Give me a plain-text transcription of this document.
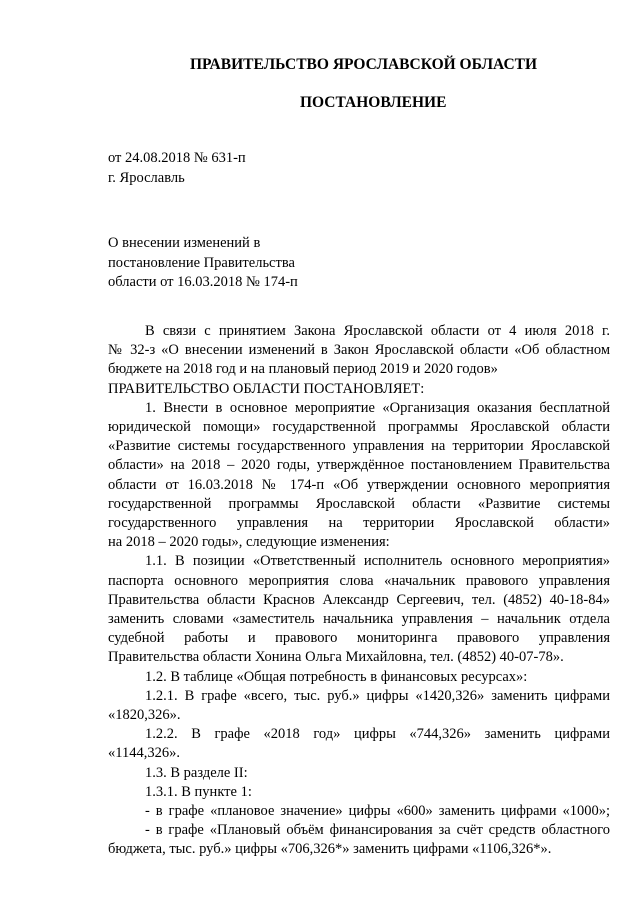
ПРАВИТЕЛЬСТВО ЯРОСЛАВСКОЙ ОБЛАСТИ
ПОСТАНОВЛЕНИЕ
от 24.08.2018 № 631-п
г. Ярославль
О внесении изменений в
постановление Правительства
области от 16.03.2018 № 174-п

В связи с принятием Закона Ярославской области от 4 июля 2018 г.

№ 32-з «О внесении изменений в Закон Ярославской области «Об областном

бюджете на 2018 год и на плановый период 2019 и 2020 годов»

ПРАВИТЕЛЬСТВО ОБЛАСТИ ПОСТАНОВЛЯЕТ:

1. Внести в основное мероприятие «Организация оказания бесплатной

юридической помощи» государственной программы Ярославской области

«Развитие системы государственного управления на территории Ярославской

области» на 2018 – 2020 годы, утверждённое постановлением Правительства

области от 16.03.2018 № 174-п «Об утверждении основного мероприятия

государственной программы Ярославской области «Развитие системы

государственного управления на территории Ярославской области»

на 2018 – 2020 годы», следующие изменения:

1.1. В позиции «Ответственный исполнитель основного мероприятия»

паспорта основного мероприятия слова «начальник правового управления

Правительства области Краснов Александр Сергеевич, тел. (4852) 40-18-84»

заменить словами «заместитель начальника управления – начальник отдела

судебной работы и правового мониторинга правового управления

Правительства области Хонина Ольга Михайловна, тел. (4852) 40-07-78».

1.2. В таблице «Общая потребность в финансовых ресурсах»:

1.2.1. В графе «всего, тыс. руб.» цифры «1420,326» заменить цифрами

«1820,326».

1.2.2. В графе «2018 год» цифры «744,326» заменить цифрами

«1144,326».

1.3. В разделе II:

1.3.1. В пункте 1:

- в графе «плановое значение» цифры «600» заменить цифрами «1000»;

- в графе «Плановый объём финансирования за счёт средств областного

бюджета, тыс. руб.» цифры «706,326*» заменить цифрами «1106,326*».
